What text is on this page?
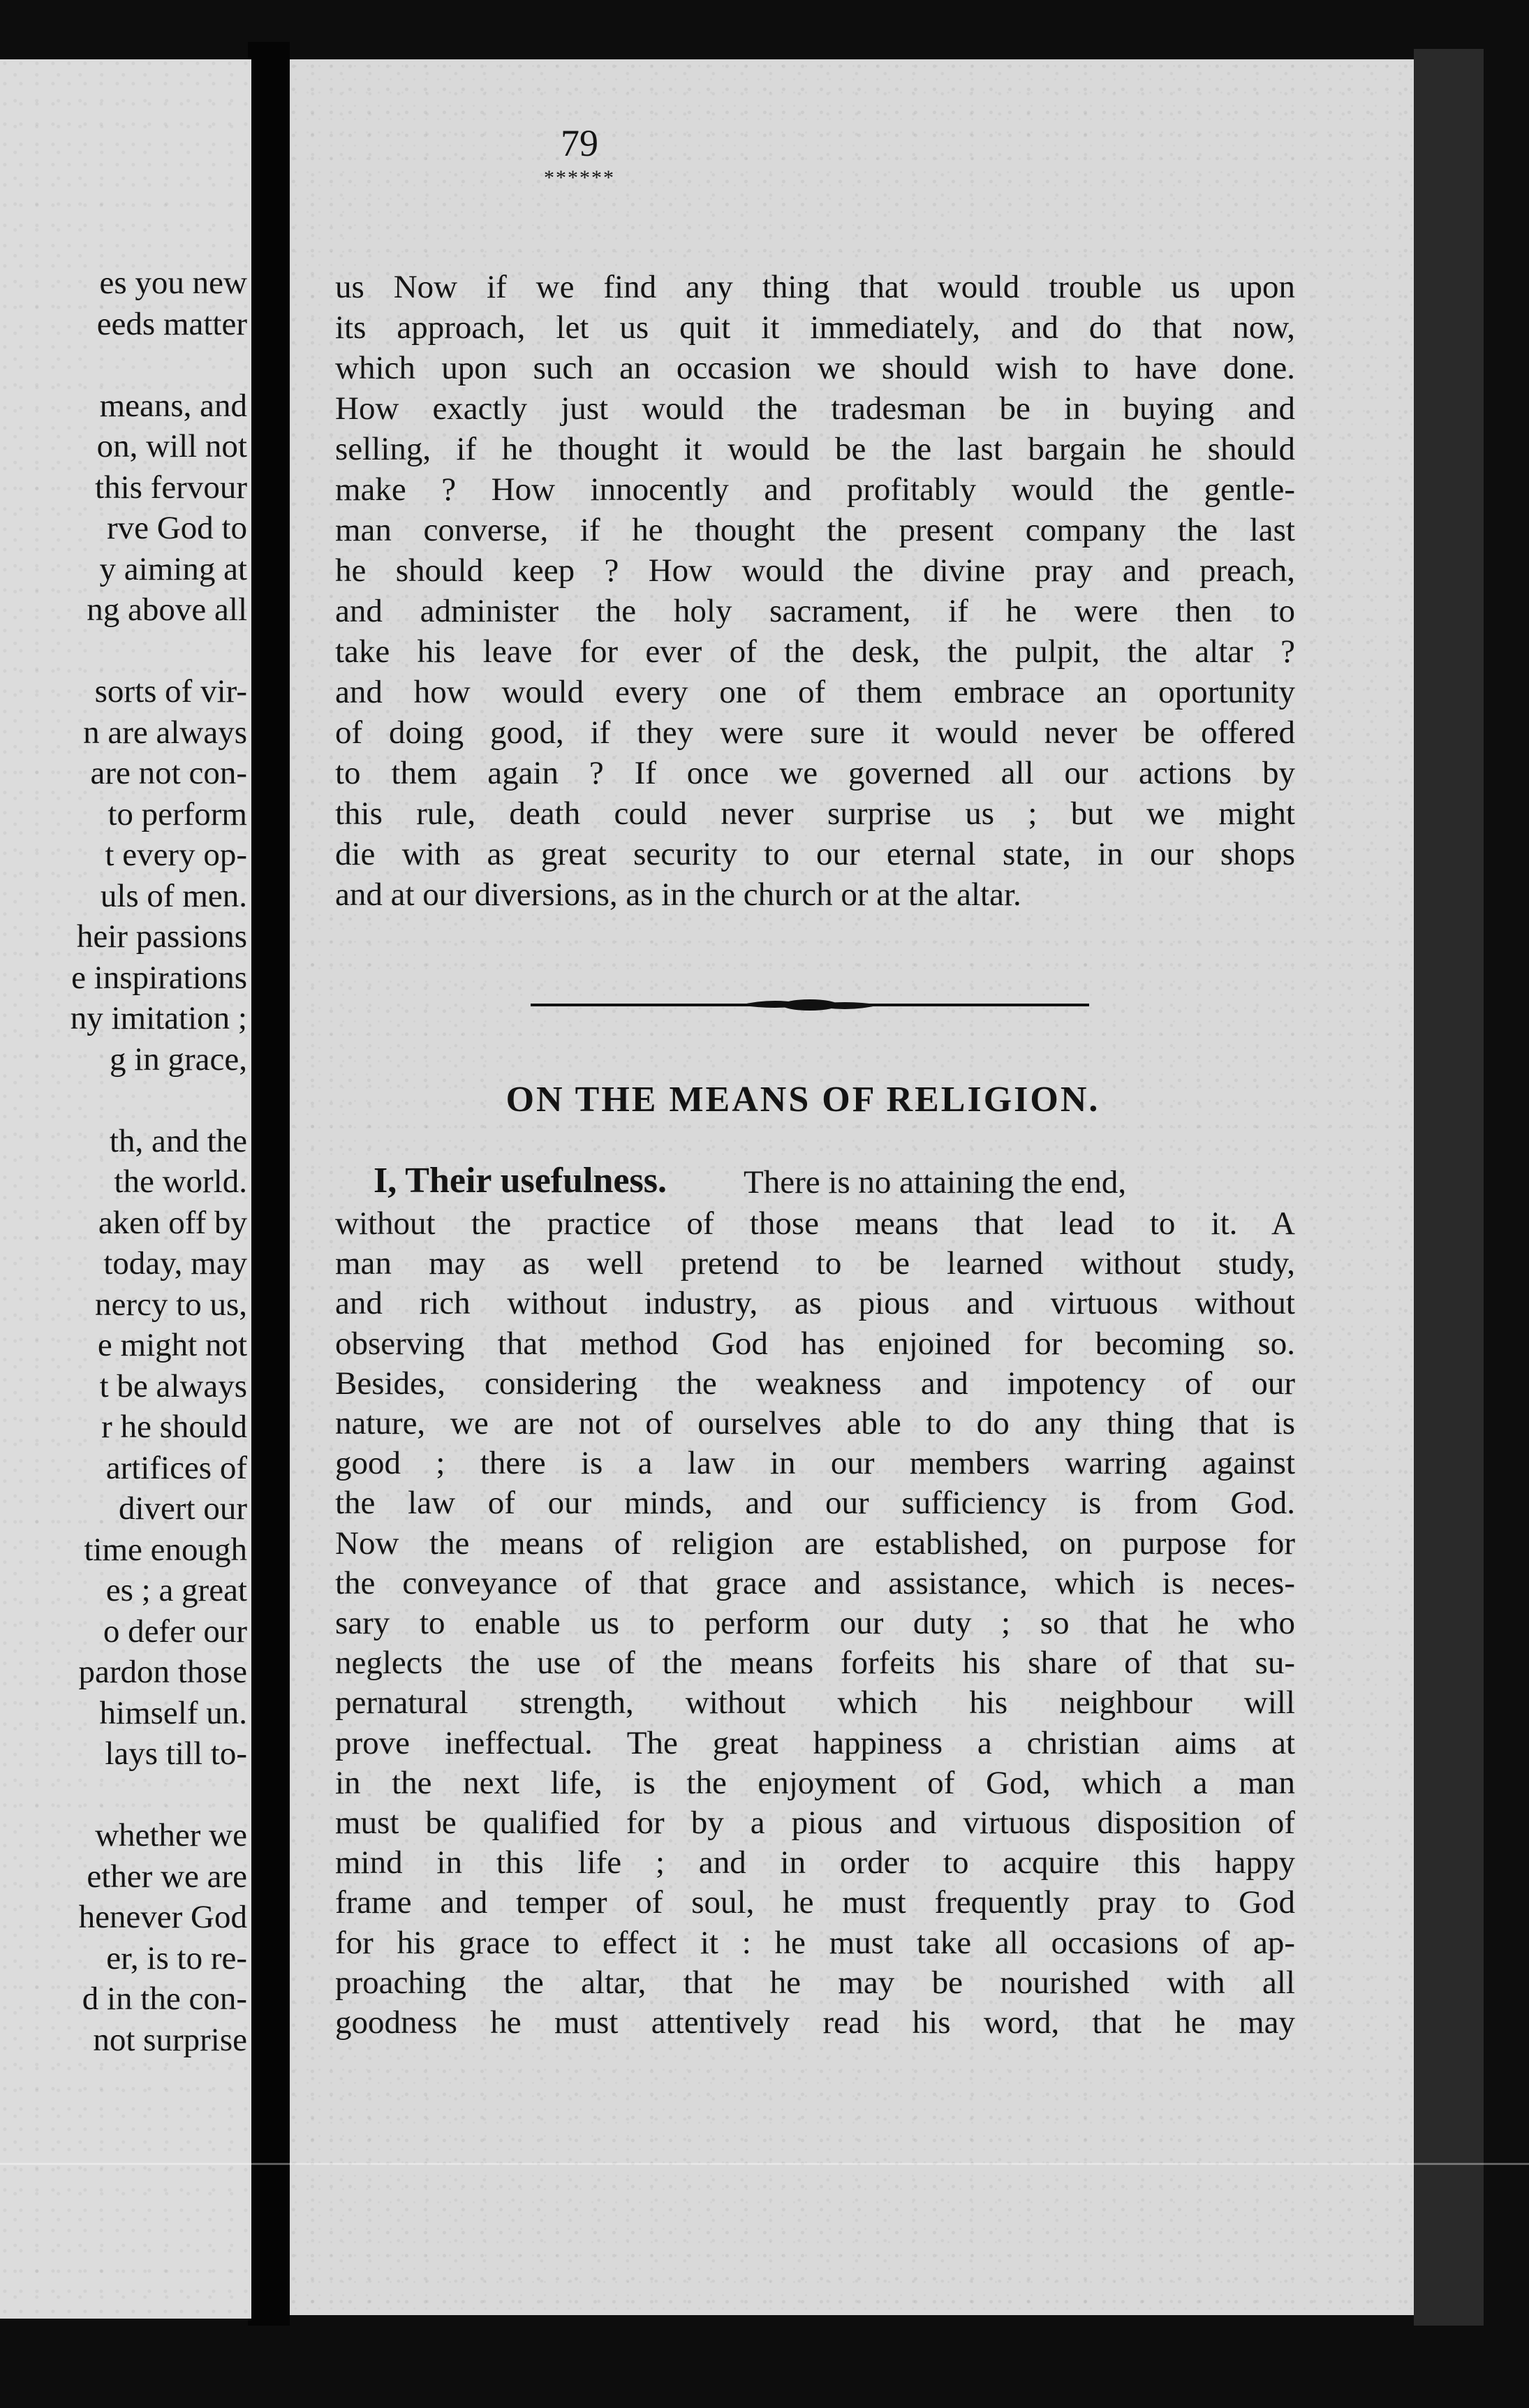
es you new
eeds matter
means, and
on, will not
this fervour
rve God to
y aiming at
ng above all
sorts of vir-
n are always
are not con-
to perform
t every op-
uls of men.
heir passions
e inspirations
ny imitation ;
g in grace,
th, and the
the world.
aken off by
today, may
nercy to us,
e might not
t be always
r he should
artifices of
divert our
time enough
es ; a great
o defer our
pardon those
himself un.
lays till to-
whether we
ether we are
henever God
er, is to re-
d in the con-
not surprise
79
******
us Now if we find any thing that would trouble us upon
its approach, let us quit it immediately, and do that now,
which upon such an occasion we should wish to have done.
How exactly just would the tradesman be in buying and
selling, if he thought it would be the last bargain he should
make ? How innocently and profitably would the gentle-
man converse, if he thought the present company the last
he should keep ? How would the divine pray and preach,
and administer the holy sacrament, if he were then to
take his leave for ever of the desk, the pulpit, the altar ?
and how would every one of them embrace an oportunity
of doing good, if they were sure it would never be offered
to them again ? If once we governed all our actions by
this rule, death could never surprise us ; but we might
die with as great security to our eternal state, in our shops
and at our diversions, as in the church or at the altar.
ON THE MEANS OF RELIGION.
I, Their usefulness. There is no attaining the end,
without the practice of those means that lead to it. A
man may as well pretend to be learned without study,
and rich without industry, as pious and virtuous without
observing that method God has enjoined for becoming so.
Besides, considering the weakness and impotency of our
nature, we are not of ourselves able to do any thing that is
good ; there is a law in our members warring against
the law of our minds, and our sufficiency is from God.
Now the means of religion are established, on purpose for
the conveyance of that grace and assistance, which is neces-
sary to enable us to perform our duty ; so that he who
neglects the use of the means forfeits his share of that su-
pernatural strength, without which his neighbour will
prove ineffectual. The great happiness a christian aims at
in the next life, is the enjoyment of God, which a man
must be qualified for by a pious and virtuous disposition of
mind in this life ; and in order to acquire this happy
frame and temper of soul, he must frequently pray to God
for his grace to effect it : he must take all occasions of ap-
proaching the altar, that he may be nourished with all
goodness he must attentively read his word, that he may
